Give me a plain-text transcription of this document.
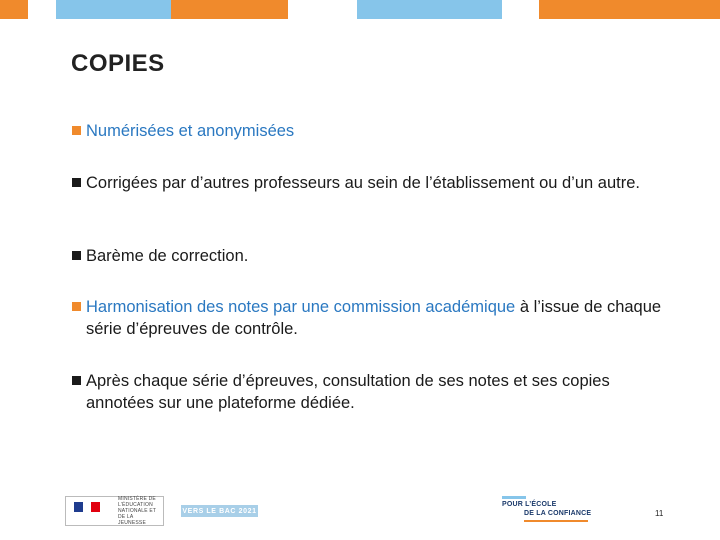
COPIES
Numérisées et anonymisées
Corrigées par d’autres professeurs au sein de l’établissement ou d’un autre.
Barème de correction.
Harmonisation des notes par une commission académique à l’issue de chaque série d’épreuves de contrôle.
Après chaque série d’épreuves, consultation de ses notes et ses copies annotées sur une plateforme dédiée.
MINISTÈRE DE L’ÉDUCATION NATIONALE ET DE LA JEUNESSE
VERS LE BAC 2021
POUR L’ÉCOLE
DE LA CONFIANCE	11
